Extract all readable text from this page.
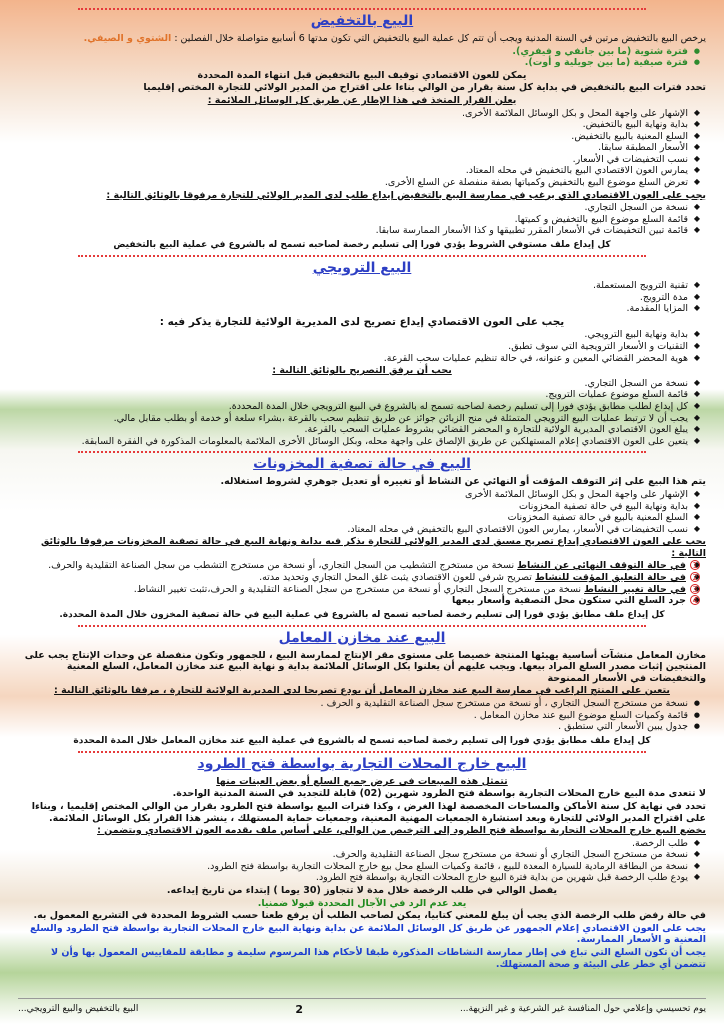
البيع بالتخفيض

يرخص البيع بالتخفيض مرتين في السنة المدنية ويجب أن تتم كل عملية البيع بالتخفيض التي تكون مدتها 6 أسابيع متواصلة خلال الفصلين : الشتوي و الصيفي.

● فترة شتوية (ما بين جانفي و فيفري).
● فترة صيفية (ما بين جويلية و أوت).

يمكن للعون الاقتصادي توقيف البيع بالتخفيض قبل انتهاء المدة المحددة

تحدد فترات البيع بالتخفيض في بداية كل سنة بقرار من الوالي بناءا على اقتراح من المدير الولائي للتجارة المختص إقليميا

يعلن القرار المتخذ في هذا الإطار عن طريق كل الوسائل الملائمة :

◆ الإشهار على واجهة المحل و بكل الوسائل الملائمة الأخرى.
◆ بداية ونهاية البيع بالتخفيض.
◆ السلع المعنية بالبيع بالتخفيض.
◆ الأسعار المطبقة سابقا.
◆ نسب التخفيضات في الأسعار.
◆ يمارس العون الاقتصادي البيع بالتخفيض في محله المعتاد.
◆ تعرض السلع موضوع البيع بالتخفيض وكمياتها بصفة منفصلة عن السلع الأخرى.

يجب على العون الاقتصادي الذي يرغب في ممارسة البيع بالتخفيض إيداع طلب لدى المدير الولائي للتجارة مرفوقا بالوثائق التالية :

◆ نسخة من السجل التجاري.
◆ قائمة السلع موضوع البيع بالتخفيض و كميتها.
◆ قائمة تبين التخفيضات في الأسعار المقرر تطبيقها و كذا الأسعار الممارسة سابقا.

كل إيداع ملف مستوفي الشروط يؤدي فورا إلى تسليم رخصة لصاحبه تسمح له بالشروع في عملية البيع بالتخفيض

البيع الترويجي
◆ تقنية الترويج المستعملة.
◆ مدة الترويج.
◆ المزايا المقدمة.

يجب على العون الاقتصادي إيداع تصريح لدى المديرية الولائية للتجارة يذكر فيه :

◆ بداية ونهاية البيع الترويجي.
◆ التقنيات و الأسعار الترويجية التي سوف تطبق.
◆ هوية المحضر القضائي المعين و عنوانه، في حالة تنظيم عمليات سحب القرعة.

يجب أن يرفق التصريح بالوثائق التالية :

◆ نسخة من السجل التجاري.
◆ قائمة السلع موضوع عمليات الترويج.
◆ كل إيداع لطلب مطابق يؤدي فورا إلى تسليم رخصة لصاحبه تسمح له بالشروع في البيع الترويجي خلال المدة المحددة.
◆ يجب أن لا ترتبط عمليات البيع الترويجي المتمثلة في منح الزبائن جوائز عن طريق تنظيم سحب بالقرعة ،بشراء سلعة أو خدمة أو بطلب مقابل مالي.
◆ يبلغ العون الاقتصادي المديرية الولائية للتجارة و المحضر القضائي بشروط عمليات السحب بالقرعة.
◆ يتعين على العون الاقتصادي إعلام المستهلكين عن طريق الإلصاق على واجهة محله، وبكل الوسائل الأخرى الملائمة بالمعلومات المذكورة في الفقرة السابقة.
البيع في حالة تصفية المخزونات

يتم هذا البيع على إثر التوقف المؤقت أو النهائي عن النشاط أو تغييره أو تعديل جوهري لشروط استغلاله.

◆ الإشهار على واجهة المحل و بكل الوسائل الملائمة الأخرى
◆ بداية ونهاية البيع في حالة تصفية المخزونات
◆ السلع المعنية بالبيع في حالة تصفية المخزونات
◆ نسب التخفيضات في الأسعار، يمارس العون الاقتصادي البيع بالتخفيض في محله المعتاد.

يجب على العون الاقتصادي إيداع تصريح مسبق لدى المدير الولائي للتجارة يذكر فيه بداية ونهاية البيع في حالة تصفية المخزونات مرفوقا بالوثائق التالية :

◆ 1
في حالة التوقف النهائي عن النشاط نسخة من مستخرج التشطيب من السجل التجاري، أو نسخة من مستخرج التشطب من سجل الصناعة التقليدية والحرف.
◆ 2
في حالة التعليق المؤقت للنشاط تصريح شرفي للعون الاقتصادي يثبت غلق المحل التجاري وتحديد مدته.
◆ 3
في حالة تغيير النشاط نسخة من مستخرج السجل التجاري أو نسخة من مستخرج من سجل الصناعة التقليدية و الحرف،تثبت تغيير النشاط.
◆ 4
جرد السلع التي ستكون محل التصفية وأسعار بيعها

كل إيداع ملف مطابق يؤدي فورا إلى تسليم رخصة لصاحبه تسمح له بالشروع في عملية البيع في حالة تصفية المخزون خلال المدة المحددة.

البيع عند مخازن المعامل

مخازن المعامل منشآت أساسية يهيئها المنتجة خصيصا على مستوى مقر الإنتاج لممارسة البيع ، للجمهور وتكون منفصلة عن وحدات الإنتاج يجب على المنتجين إثبات مصدر السلع المراد بيعها. ويجب عليهم أن يعلنوا بكل الوسائل الملائمة بداية و نهاية البيع عند مخازن المعامل، السلع المعنية والتخفيضات في الأسعار الممنوحة

يتعين على المنتج الراغب في ممارسة البيع عند مخازن المعامل أن يودع تصريحا لدى المديرية الولائية للتجارة ، مرفقا بالوثائق التالية :

● نسخة من مستخرج السجل التجاري ، أو نسخة من مستخرج سجل الصناعة التقليدية و الحرف .
● قائمة وكميات السلع موضوع البيع عند مخازن المعامل .
● جدول يبين الأسعار التي ستطبق .

كل إيداع ملف مطابق يؤدي فورا إلى تسليم رخصة لصاحبه تسمح له بالشروع في عملية البيع عند مخازن المعامل خلال المدة المحددة

البيع خارج المحلات التجارية بواسطة فتح الطرود

تتمثل هذه المبيعات في عرض جميع السلع أو بعض العينات منها

لا تتعدى مدة البيع خارج المحلات التجارية بواسطة فتح الطرود شهرين (02) قابلة للتجديد في السنة المدنية الواحدة.

تحدد في نهاية كل سنة الأماكن والمساحات المخصصة لهذا الغرض ، وكذا فترات البيع بواسطة فتح الطرود بقرار من الوالي المختص إقليميا ، وبناءا على اقتراح المدير الولائي للتجارة وبعد استشارة الجمعيات المهنية المعنية، وجمعيات حماية المستهلك ، ينشر هذا القرار بكل الوسائل الملائمة.

يخضع البيع خارج المحلات التجارية بواسطة فتح الطرود إلى الترخيص من الوالي، على أساس ملف يقدمه العون الاقتصادي ويتضمن :

◆ طلب الرخصة.
◆ نسخة من مستخرج السجل التجاري أو نسخة من مستخرج سجل الصناعة التقليدية والحرف.
◆ نسخة من البطاقة الرمادية للسيارة المعدة للبيع ، قائمة وكميات السلع محل بيع خارج المحلات التجارية بواسطة فتح الطرود.
◆ يودع طلب الرخصة قبل شهرين من بداية فترة البيع خارج المحلات التجارية بواسطة فتح الطرود.

يفصل الوالي في طلب الرخصة خلال مدة لا تتجاوز (30 يوما ) إبتداء من تاريخ إيداعه.

يعد عدم الرد في الآجال المحددة قبولا ضمنيا.

في حالة رفض طلب الرخصة الذي يجب أن يبلغ للمعني كتابيا، يمكن لصاحب الطلب أن يرفع طعنا حسب الشروط المحددة في التشريع المعمول به.

يجب على العون الاقتصادي إعلام الجمهور عن طريق كل الوسائل الملائمة عن بداية ونهاية البيع خارج المحلات التجارية بواسطة فتح الطرود والسلع المعنية و الأسعار الممارسة.

يجب أن تكون السلع التي تباع في إطار ممارسة النشاطات المذكورة طبقا لأحكام هذا المرسوم سليمة و مطابقة للمقاييس المعمول بها وأن لا تتضمن أي خطر على البيئة و صحة المستهلك.

يوم تحسيسي وإعلامي حول المنافسة غير الشرعية و غير النزيهة...
2
البيع بالتخفيض والبيع الترويجي...
